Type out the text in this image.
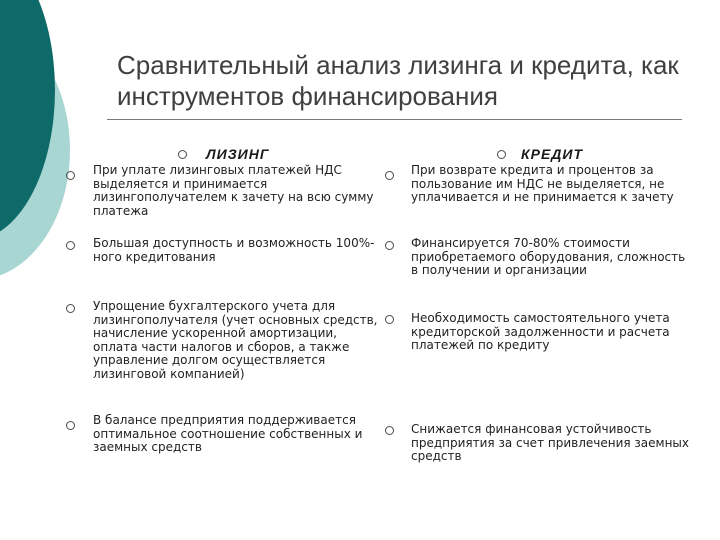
Сравнительный анализ лизинга и кредита, как инструментов финансирования
ЛИЗИНГ	КРЕДИТ
При уплате лизинговых платежей НДС выделяется и принимается лизингополучателем к зачету на всю сумму платежа
При возврате кредита и процентов за пользование им НДС не выделяется, не уплачивается и не принимается к зачету
Большая доступность и возможность 100%-ного кредитования
Финансируется 70-80% стоимости приобретаемого оборудования, сложность в получении и организации
Упрощение бухгалтерского учета для лизингополучателя (учет основных средств, начисление ускоренной амортизации, оплата части налогов и сборов, а также управление долгом осуществляется лизинговой компанией)
Необходимость самостоятельного учета кредиторской задолженности и расчета платежей по кредиту
В балансе предприятия поддерживается оптимальное соотношение собственных и заемных средств
Снижается финансовая устойчивость предприятия за счет привлечения заемных средств
